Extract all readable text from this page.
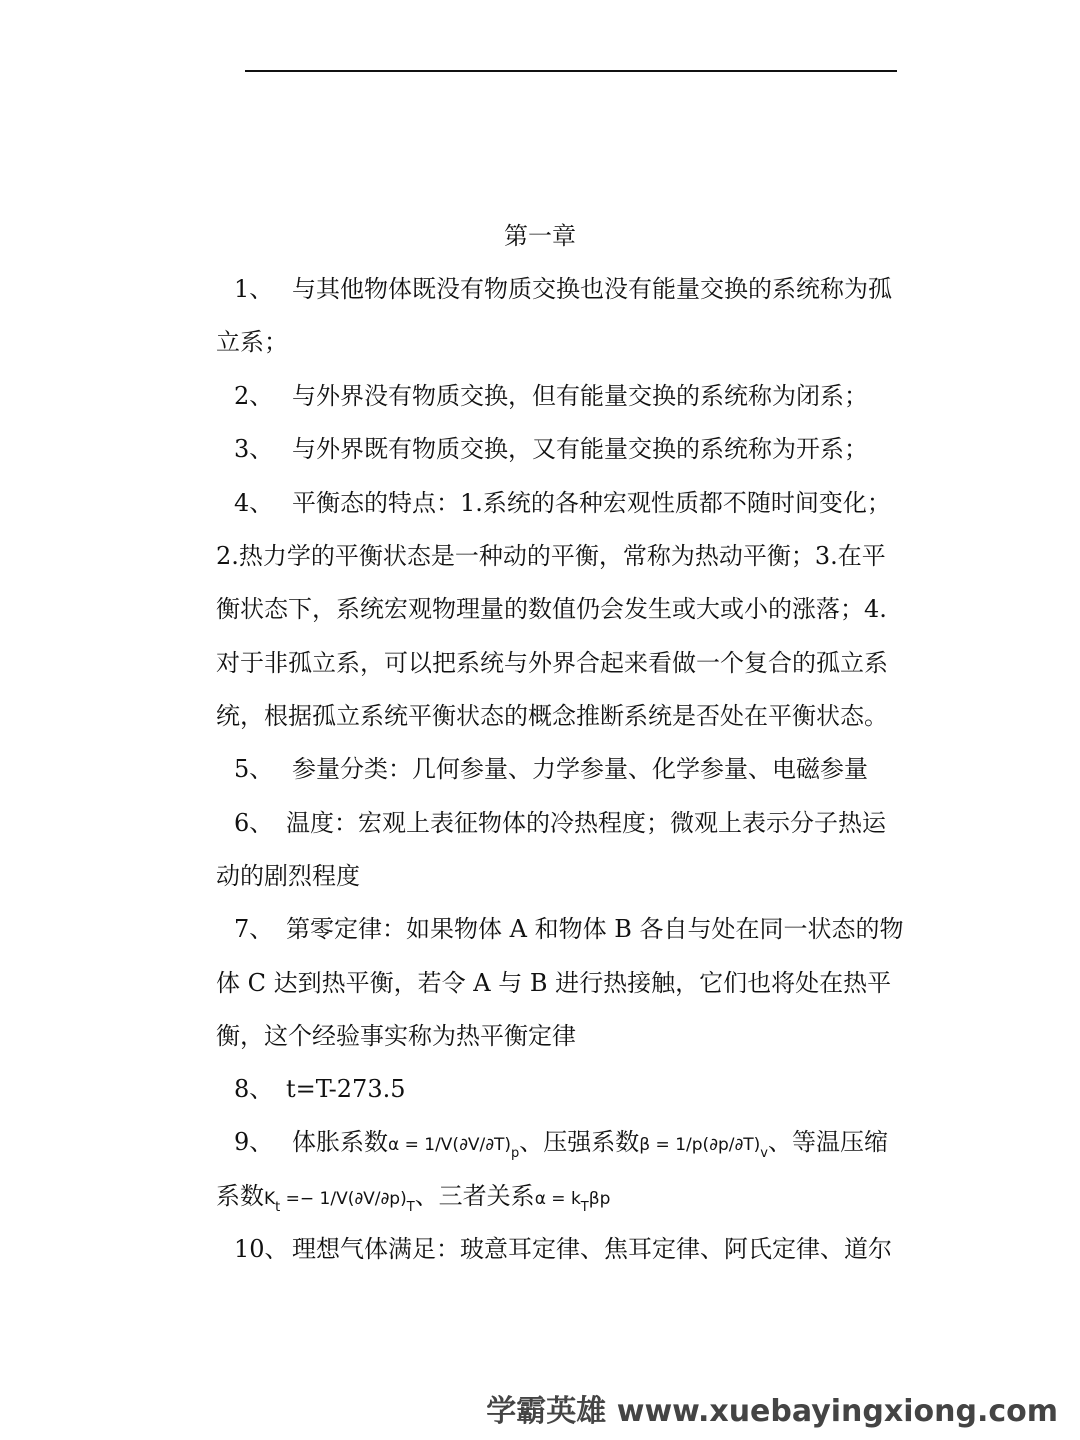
第一章
1、 与其他物体既没有物质交换也没有能量交换的系统称为孤
立系；
2、 与外界没有物质交换，但有能量交换的系统称为闭系；
3、 与外界既有物质交换，又有能量交换的系统称为开系；
4、 平衡态的特点：1.系统的各种宏观性质都不随时间变化；
2.热力学的平衡状态是一种动的平衡，常称为热动平衡；3.在平
衡状态下，系统宏观物理量的数值仍会发生或大或小的涨落；4.
对于非孤立系，可以把系统与外界合起来看做一个复合的孤立系
统，根据孤立系统平衡状态的概念推断系统是否处在平衡状态。
5、 参量分类：几何参量、力学参量、化学参量、电磁参量
6、 温度：宏观上表征物体的冷热程度；微观上表示分子热运
动的剧烈程度
7、 第零定律：如果物体 A 和物体 B 各自与处在同一状态的物
体 C 达到热平衡，若令 A 与 B 进行热接触，它们也将处在热平
衡，这个经验事实称为热平衡定律
8、 t=T-273.5
9、 体胀系数$\alpha = 1/V(\partial V/\partial T)_p$、压强系数$\beta = 1/p(\partial p/\partial T)_v$、等温压缩
系数$K_t =- 1/V(\partial V/\partial p)_T$、三者关系$\alpha = k_T\beta p$
10、 理想气体满足：玻意耳定律、焦耳定律、阿氏定律、道尔
学霸英雄 www.xuebayingxiong.com
